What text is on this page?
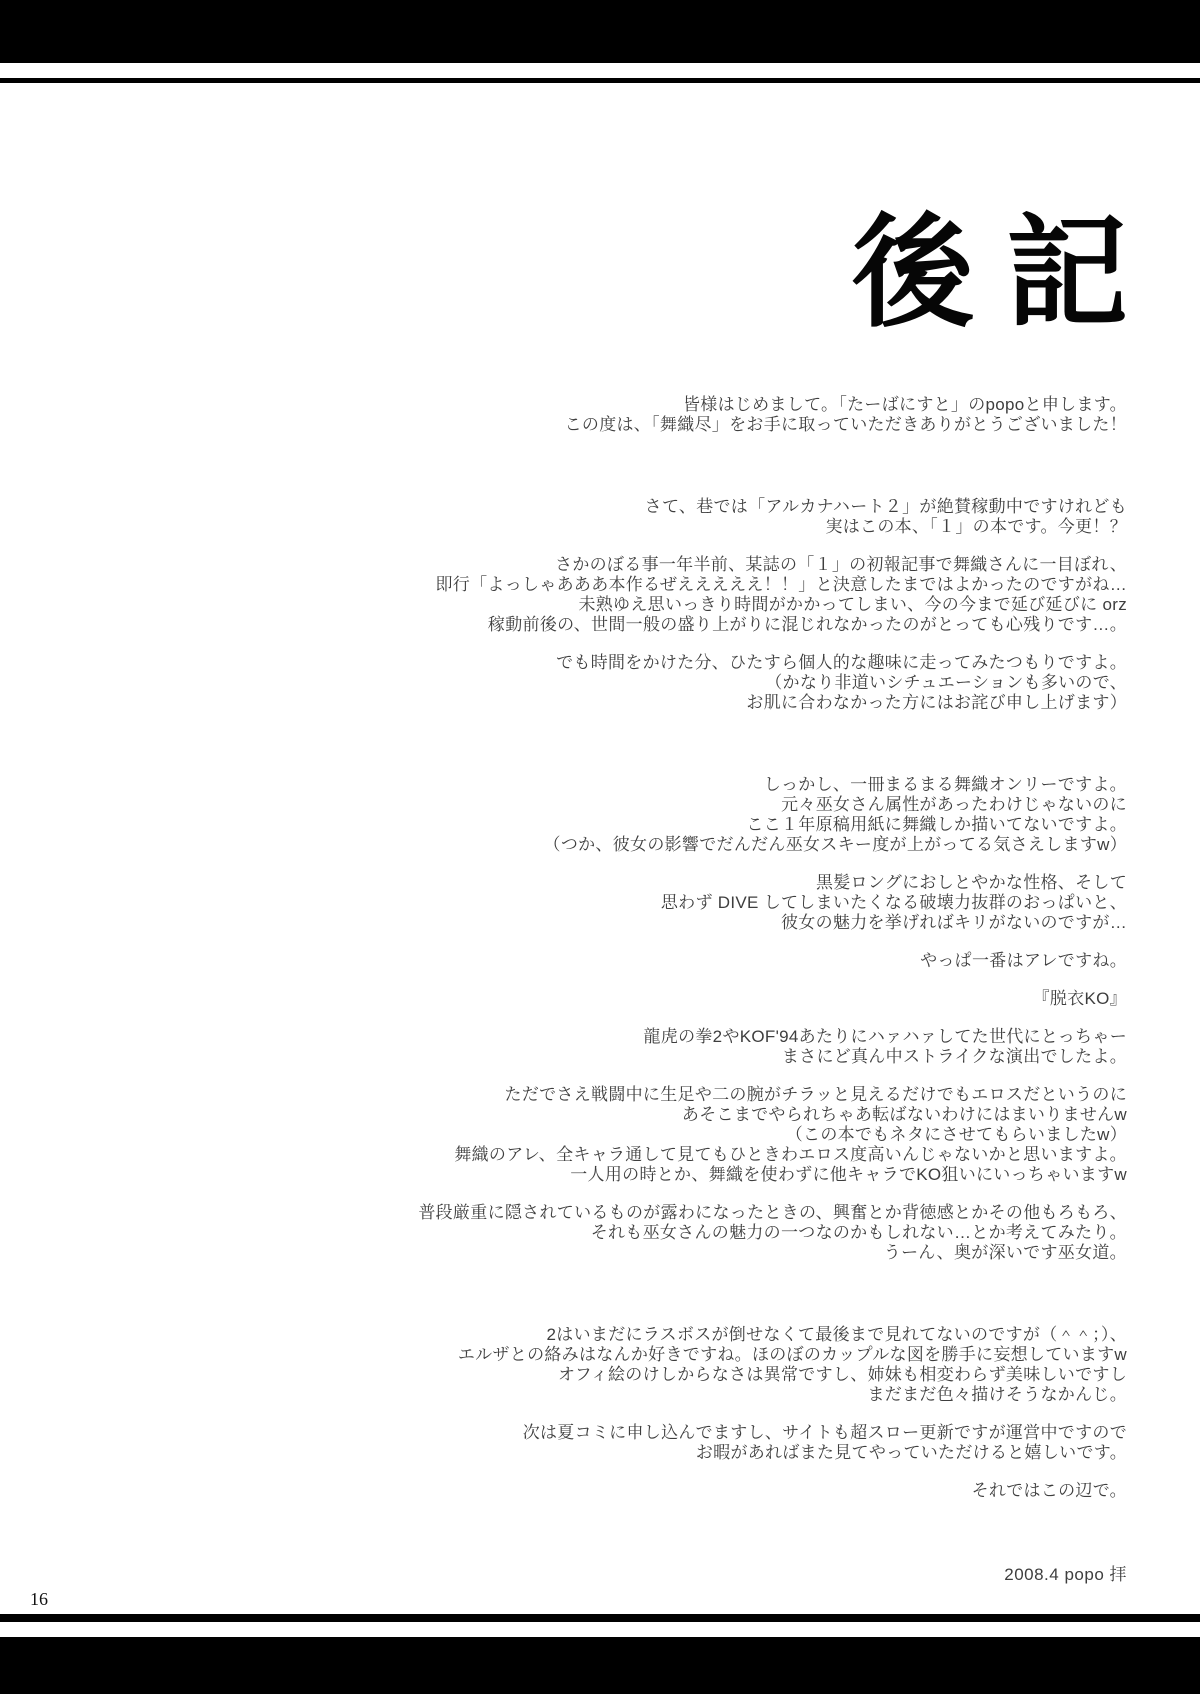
後 記

皆様はじめまして。「たーばにすと」のpopoと申します。
この度は、「舞織尽」をお手に取っていただきありがとうございました！

さて、巷では「アルカナハート２」が絶賛稼動中ですけれども
実はこの本、「１」の本です。今更！？

さかのぼる事一年半前、某誌の「１」の初報記事で舞織さんに一目ぼれ、
即行「よっしゃあああ本作るぜえええええ！！」と決意したまではよかったのですがね…
未熟ゆえ思いっきり時間がかかってしまい、今の今まで延び延びに orz
稼動前後の、世間一般の盛り上がりに混じれなかったのがとっても心残りです…。

でも時間をかけた分、ひたすら個人的な趣味に走ってみたつもりですよ。
（かなり非道いシチュエーションも多いので、
お肌に合わなかった方にはお詫び申し上げます）

しっかし、一冊まるまる舞織オンリーですよ。
元々巫女さん属性があったわけじゃないのに
ここ１年原稿用紙に舞織しか描いてないですよ。
（つか、彼女の影響でだんだん巫女スキー度が上がってる気さえしますw）

黒髪ロングにおしとやかな性格、そして
思わず DIVE してしまいたくなる破壊力抜群のおっぱいと、
彼女の魅力を挙げればキリがないのですが…

やっぱ一番はアレですね。

『脱衣KO』

龍虎の拳2やKOF'94あたりにハァハァしてた世代にとっちゃー
まさにど真ん中ストライクな演出でしたよ。

ただでさえ戦闘中に生足や二の腕がチラッと見えるだけでもエロスだというのに
あそこまでやられちゃあ転ばないわけにはまいりませんw
（この本でもネタにさせてもらいましたw）
舞織のアレ、全キャラ通して見てもひときわエロス度高いんじゃないかと思いますよ。
一人用の時とか、舞織を使わずに他キャラでKO狙いにいっちゃいますw

普段厳重に隠されているものが露わになったときの、興奮とか背徳感とかその他もろもろ、
それも巫女さんの魅力の一つなのかもしれない…とか考えてみたり。
うーん、奥が深いです巫女道。

2はいまだにラスボスが倒せなくて最後まで見れてないのですが（＾＾；）、
エルザとの絡みはなんか好きですね。ほのぼのカップルな図を勝手に妄想していますw
オフィ絵のけしからなさは異常ですし、姉妹も相変わらず美味しいですし
まだまだ色々描けそうなかんじ。

次は夏コミに申し込んでますし、サイトも超スロー更新ですが運営中ですので
お暇があればまた見てやっていただけると嬉しいです。

それではこの辺で。

2008.4 popo 拝
16
